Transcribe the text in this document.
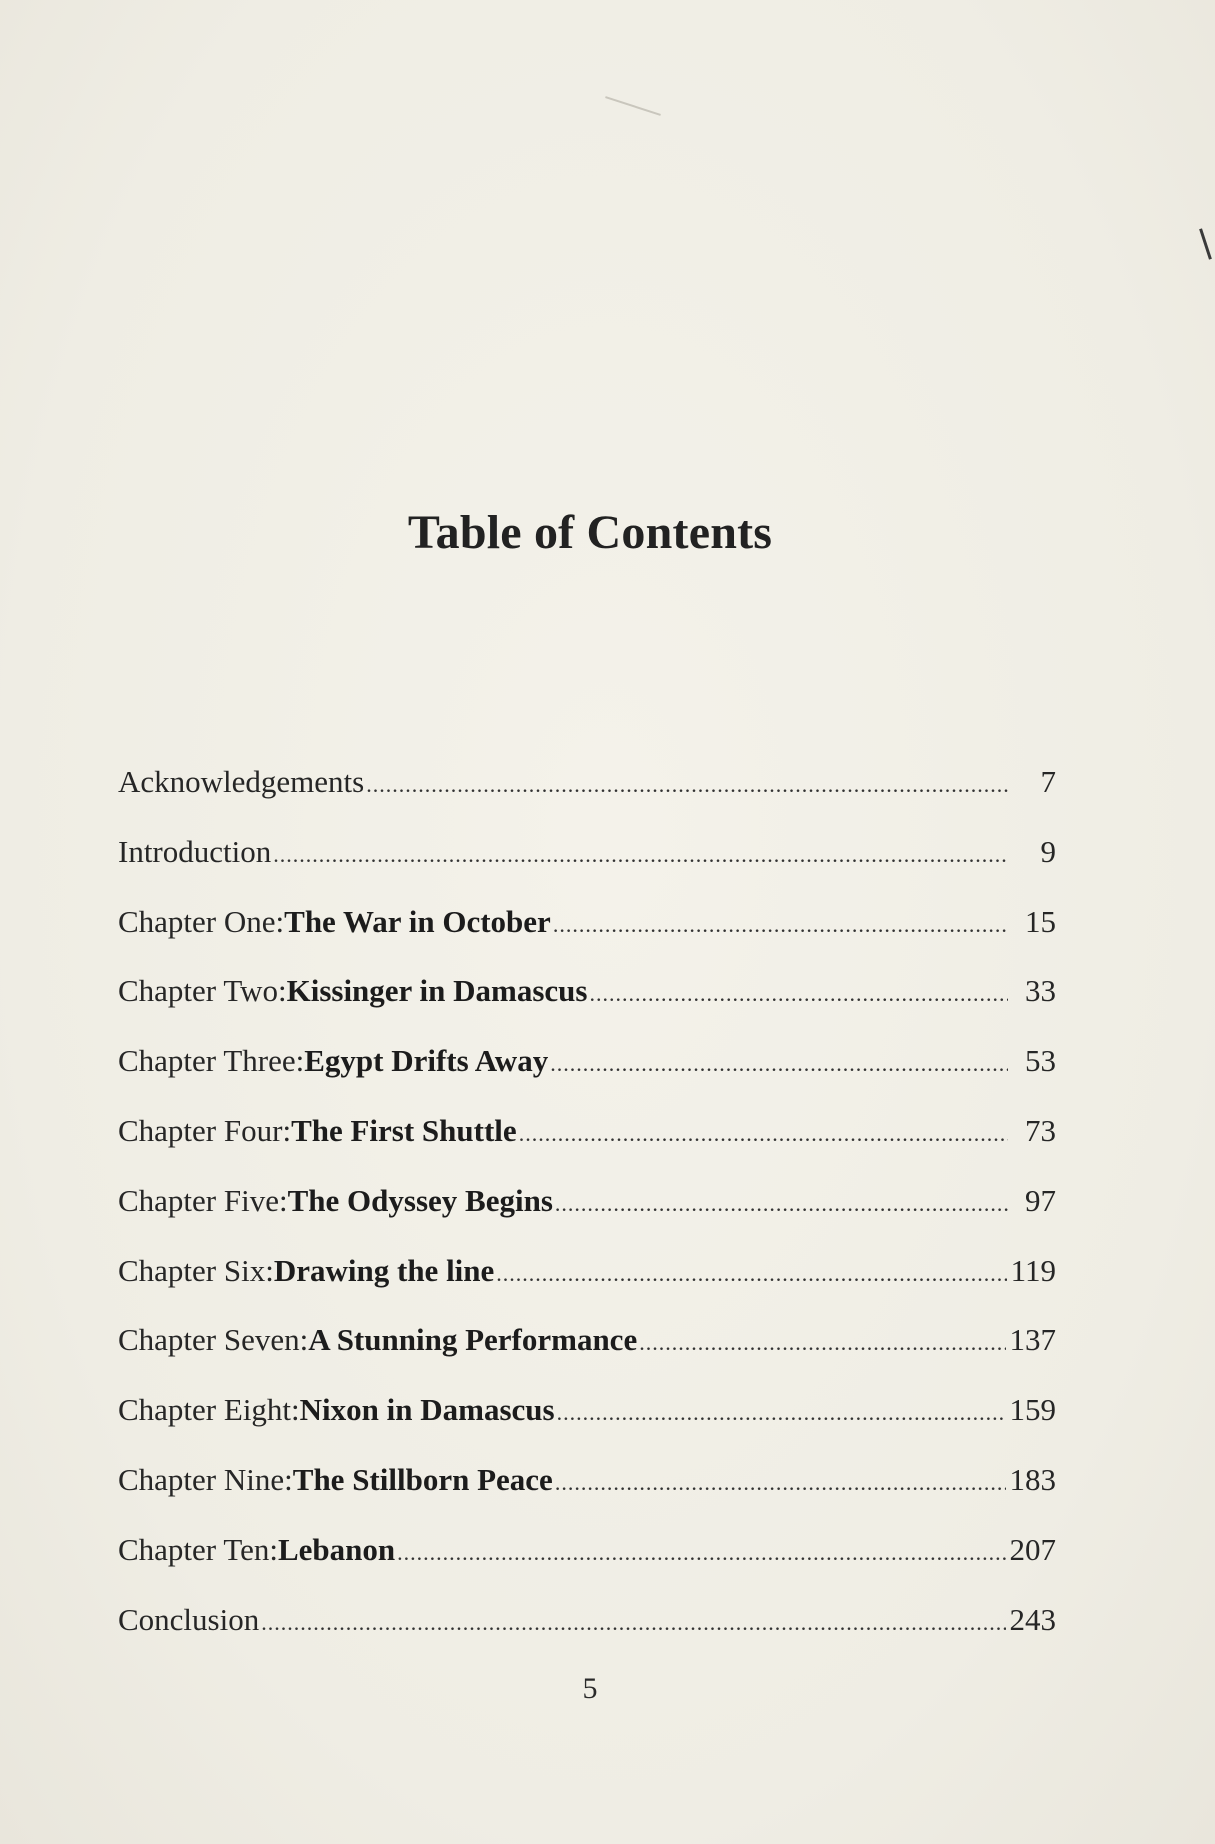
Table of Contents
Acknowledgements .....	7
Introduction .....	9
Chapter One: The War in October .....	15
Chapter Two: Kissinger in Damascus .....	33
Chapter Three: Egypt Drifts Away .....	53
Chapter Four: The First Shuttle .....	73
Chapter Five: The Odyssey Begins .....	97
Chapter Six: Drawing the line .....	119
Chapter Seven: A Stunning Performance .....	137
Chapter Eight: Nixon in Damascus .....	159
Chapter Nine: The Stillborn Peace .....	183
Chapter Ten: Lebanon .....	207
Conclusion .....	243
5
